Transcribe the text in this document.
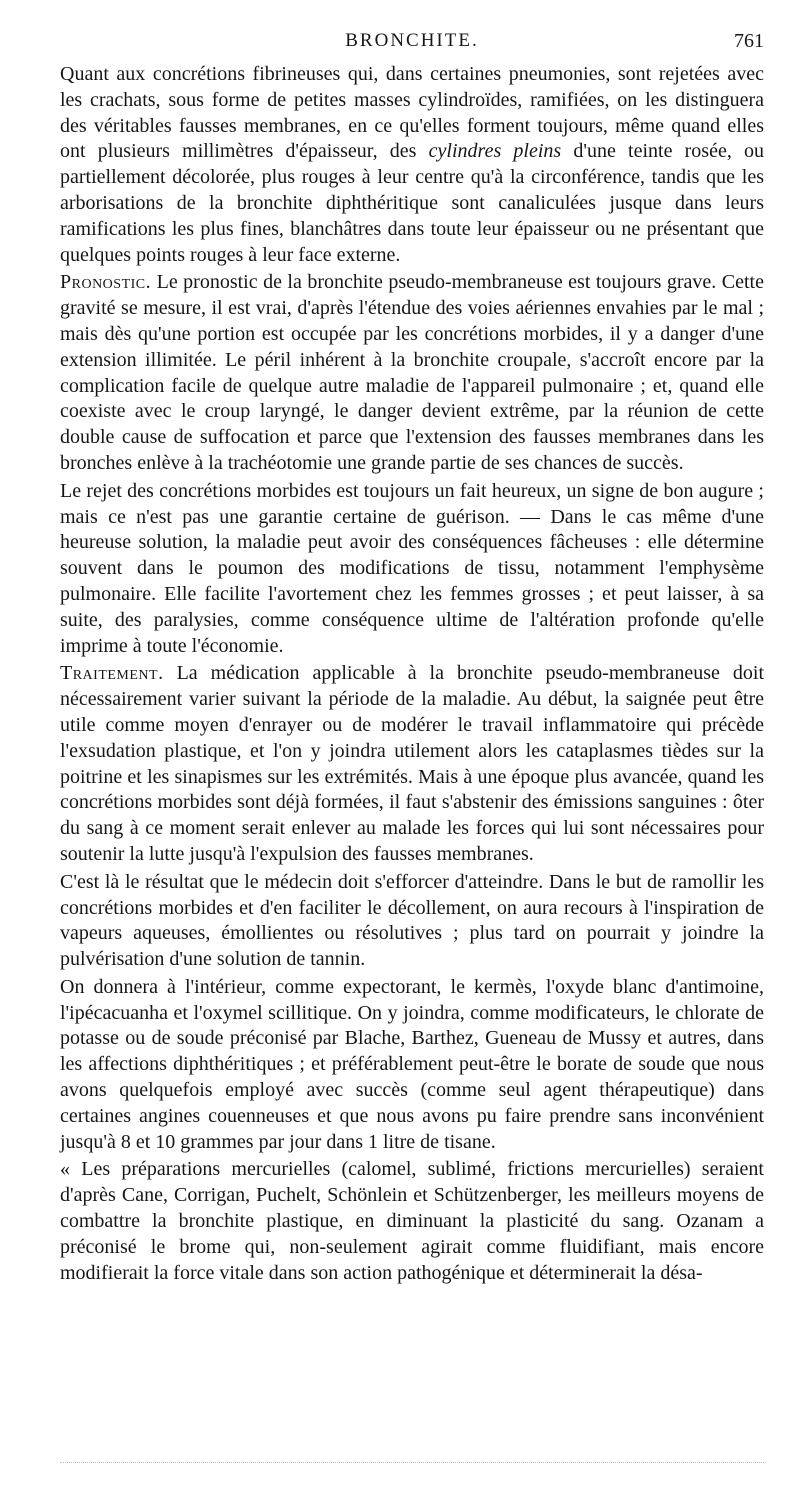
BRONCHITE.	761

Quant aux concrétions fibrineuses qui, dans certaines pneumonies, sont rejetées avec les crachats, sous forme de petites masses cylindroïdes, ramifiées, on les distinguera des véritables fausses membranes, en ce qu'elles forment toujours, même quand elles ont plusieurs millimètres d'épaisseur, des cylindres pleins d'une teinte rosée, ou partiellement décolorée, plus rouges à leur centre qu'à la circonférence, tandis que les arborisations de la bronchite diphthéritique sont canaliculées jusque dans leurs ramifications les plus fines, blanchâtres dans toute leur épaisseur ou ne présentant que quelques points rouges à leur face externe.

Pronostic. Le pronostic de la bronchite pseudo-membraneuse est toujours grave. Cette gravité se mesure, il est vrai, d'après l'étendue des voies aériennes envahies par le mal ; mais dès qu'une portion est occupée par les concrétions morbides, il y a danger d'une extension illimitée. Le péril inhérent à la bronchite croupale, s'accroît encore par la complication facile de quelque autre maladie de l'appareil pulmonaire ; et, quand elle coexiste avec le croup laryngé, le danger devient extrême, par la réunion de cette double cause de suffocation et parce que l'extension des fausses membranes dans les bronches enlève à la trachéotomie une grande partie de ses chances de succès.

Le rejet des concrétions morbides est toujours un fait heureux, un signe de bon augure ; mais ce n'est pas une garantie certaine de guérison. — Dans le cas même d'une heureuse solution, la maladie peut avoir des conséquences fâcheuses : elle détermine souvent dans le poumon des modifications de tissu, notamment l'emphysème pulmonaire. Elle facilite l'avortement chez les femmes grosses ; et peut laisser, à sa suite, des paralysies, comme conséquence ultime de l'altération profonde qu'elle imprime à toute l'économie.

Traitement. La médication applicable à la bronchite pseudo-membraneuse doit nécessairement varier suivant la période de la maladie. Au début, la saignée peut être utile comme moyen d'enrayer ou de modérer le travail inflammatoire qui précède l'exsudation plastique, et l'on y joindra utilement alors les cataplasmes tièdes sur la poitrine et les sinapismes sur les extrémités. Mais à une époque plus avancée, quand les concrétions morbides sont déjà formées, il faut s'abstenir des émissions sanguines : ôter du sang à ce moment serait enlever au malade les forces qui lui sont nécessaires pour soutenir la lutte jusqu'à l'expulsion des fausses membranes.

C'est là le résultat que le médecin doit s'efforcer d'atteindre. Dans le but de ramollir les concrétions morbides et d'en faciliter le décollement, on aura recours à l'inspiration de vapeurs aqueuses, émollientes ou résolutives ; plus tard on pourrait y joindre la pulvérisation d'une solution de tannin.

On donnera à l'intérieur, comme expectorant, le kermès, l'oxyde blanc d'antimoine, l'ipécacuanha et l'oxymel scillitique. On y joindra, comme modificateurs, le chlorate de potasse ou de soude préconisé par Blache, Barthez, Gueneau de Mussy et autres, dans les affections diphthéritiques ; et préférablement peut-être le borate de soude que nous avons quelquefois employé avec succès (comme seul agent thérapeutique) dans certaines angines couenneuses et que nous avons pu faire prendre sans inconvénient jusqu'à 8 et 10 grammes par jour dans 1 litre de tisane.

« Les préparations mercurielles (calomel, sublimé, frictions mercurielles) seraient d'après Cane, Corrigan, Puchelt, Schönlein et Schützenberger, les meilleurs moyens de combattre la bronchite plastique, en diminuant la plasticité du sang. Ozanam a préconisé le brome qui, non-seulement agirait comme fluidifiant, mais encore modifierait la force vitale dans son action pathogénique et déterminerait la désa-
